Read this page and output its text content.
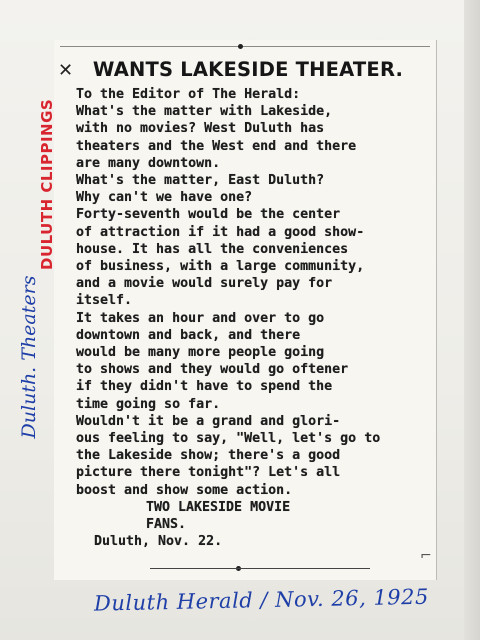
✕
⌐
WANTS LAKESIDE THEATER.
To the Editor of The Herald:
What's the matter with Lakeside,
with no movies? West Duluth has
theaters and the West end and there
are many downtown.
What's the matter, East Duluth?
Why can't we have one?
Forty-seventh would be the center
of attraction if it had a good show-
house. It has all the conveniences
of business, with a large community,
and a movie would surely pay for
itself.
It takes an hour and over to go
downtown and back, and there
would be many more people going
to shows and they would go oftener
if they didn't have to spend the
time going so far.
Wouldn't it be a grand and glori-
ous feeling to say, "Well, let's go to
the Lakeside show; there's a good
picture there tonight"? Let's all
boost and show some action.
TWO LAKESIDE MOVIE
FANS.
Duluth, Nov. 22.
DULUTH CLIPPINGS
Duluth. Theaters
Duluth Herald / Nov. 26, 1925
